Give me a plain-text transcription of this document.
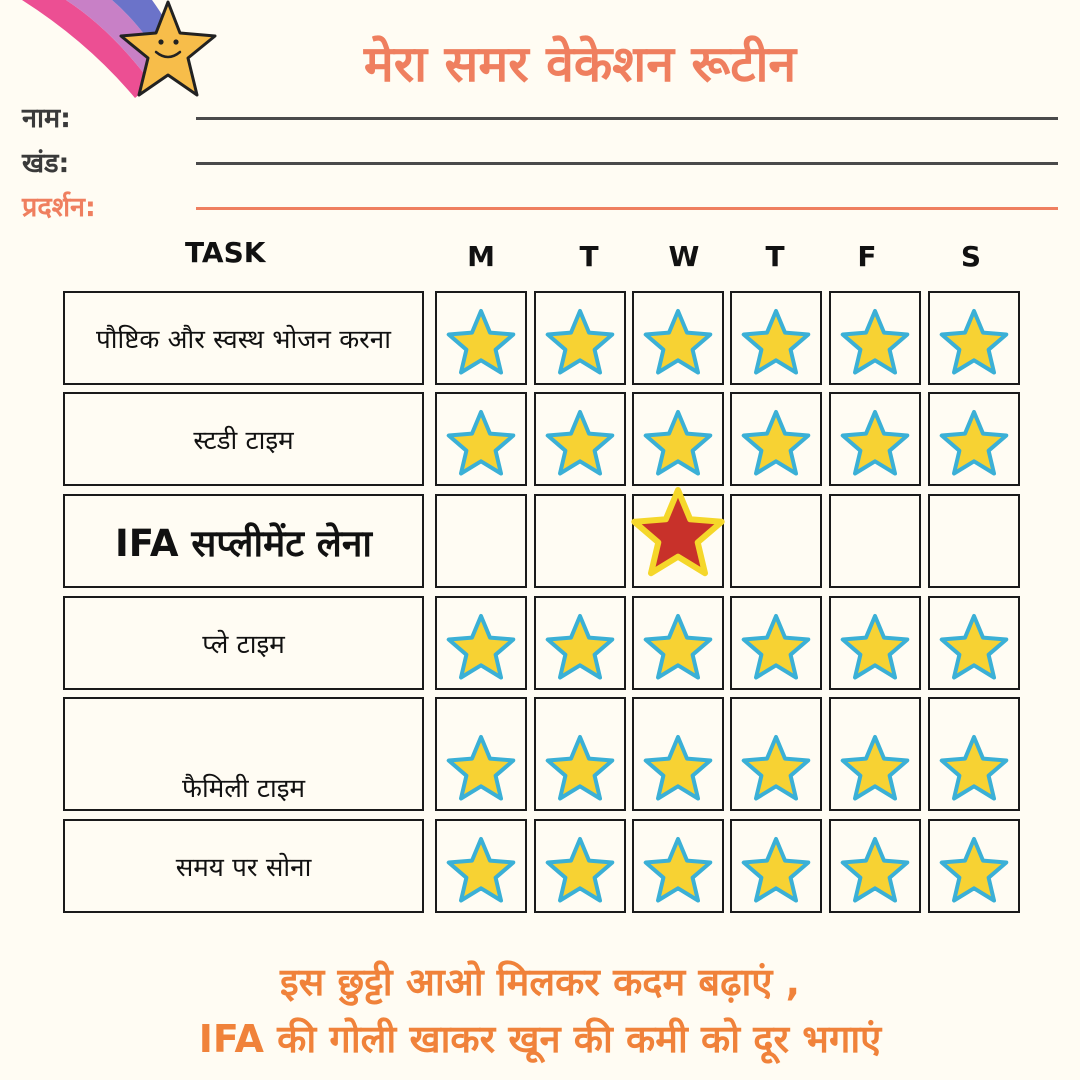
मेरा समर वेकेशन रूटीन
नाम:
खंड:
प्रदर्शन:
TASK	M	T	W	T	F	S
पौष्टिक और स्वस्थ भोजन करना
स्टडी टाइम
IFA सप्लीमेंट लेना
प्ले टाइम
फैमिली टाइम
समय पर सोना
इस छुट्टी आओ मिलकर कदम बढ़ाएं ,
IFA की गोली खाकर खून की कमी को दूर भगाएं
